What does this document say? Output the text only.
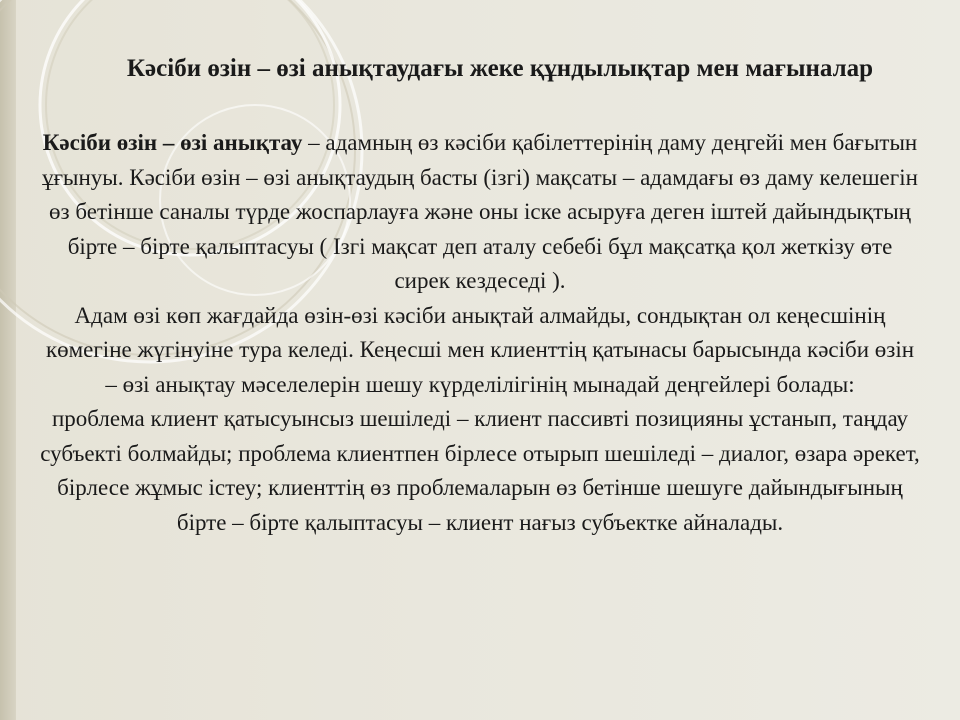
Кәсіби өзін – өзі анықтаудағы жеке құндылықтар мен мағыналар

Кәсіби өзін – өзі анықтау – адамның өз кәсіби қабілеттерінің даму деңгейі мен бағытын ұғынуы. Кәсіби өзін – өзі анықтаудың басты (ізгі) мақсаты – адамдағы өз даму келешегін өз бетінше саналы түрде жоспарлауға және оны іске асыруға деген іштей дайындықтың бірте – бірте қалыптасуы ( Ізгі мақсат деп аталу себебі бұл мақсатқа қол жеткізу өте сирек кездеседі ).

Адам өзі көп жағдайда өзін-өзі кәсіби анықтай алмайды, сондықтан ол кеңесшінің көмегіне жүгінуіне тура келеді. Кеңесші мен клиенттің қатынасы барысында кәсіби өзін – өзі анықтау мәселелерін шешу күрделілігінің мынадай деңгейлері болады:

проблема клиент қатысуынсыз шешіледі – клиент пассивті позицияны ұстанып, таңдау субъекті болмайды; проблема клиентпен бірлесе отырып шешіледі – диалог, өзара әрекет, бірлесе жұмыс істеу; клиенттің өз проблемаларын өз бетінше шешуге дайындығының бірте – бірте қалыптасуы – клиент нағыз субъектке айналады.
